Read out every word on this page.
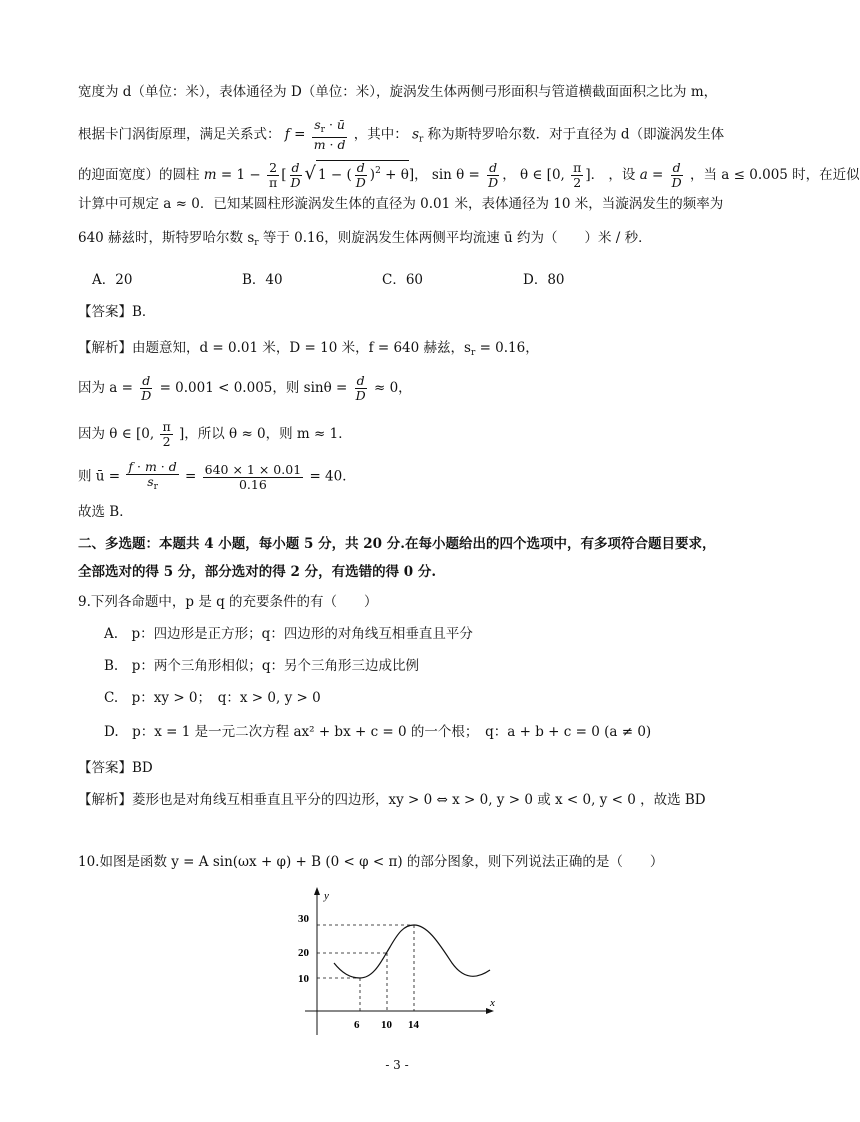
宽度为 d（单位：米），表体通径为 D（单位：米），旋涡发生体两侧弓形面积与管道横截面面积之比为 m，
根据卡门涡街原理，满足关系式： $f = \frac{s_r \cdot ū}{m \cdot d}$ ，其中： $s_r$ 称为斯特罗哈尔数．对于直径为 d（即漩涡发生体
的迎面宽度）的圆柱 $m = 1 - \frac{2}{\pi}$ [ $\frac{d}{D}$ √ 1 − ( $\frac{d}{D} )^2 + \theta$]， $\sin \theta = \frac{d}{D}$ ， θ ∈ [0, $\frac{\pi}{2}$ ]． ，设 $a = \frac{d}{D}$ ，当 a ≤ 0.005 时，在近似
计算中可规定 a ≈ 0．已知某圆柱形漩涡发生体的直径为 0.01 米，表体通径为 10 米，当漩涡发生的频率为
640 赫兹时，斯特罗哈尔数 $s_r$ 等于 0.16，则旋涡发生体两侧平均流速 ū 约为（　　）米 / 秒．
A．20	B．40	C．60	D．80
【答案】B．
【解析】由题意知，d = 0.01 米，D = 10 米，f = 640 赫兹，$s_r = 0.16$，
因为 $a = \frac{d}{D} = 0.001 < 0.005$，则 $\sin\theta = \frac{d}{D} \approx 0$，
因为 θ ∈ [0, $\frac{\pi}{2}$ ]，所以 θ ≈ 0，则 m ≈ 1．
则 ū = $\frac{f \cdot m \cdot d}{s_r} = \frac{640 \times 1 \times 0.01}{0.16} = 40$．
故选 B．
二、多选题：本题共 4 小题，每小题 5 分，共 20 分.在每小题给出的四个选项中，有多项符合题目要求，
全部选对的得 5 分，部分选对的得 2 分，有选错的得 0 分.
9.下列各命题中，p 是 q 的充要条件的有（　　）
A.　p：四边形是正方形；q：四边形的对角线互相垂直且平分
B.　p：两个三角形相似；q：另个三角形三边成比例
C.　p：xy > 0；　q：x > 0, y > 0
D.　p：x = 1 是一元二次方程 ax² + bx + c = 0 的一个根；　q：a + b + c = 0 (a ≠ 0)
【答案】BD
【解析】菱形也是对角线互相垂直且平分的四边形，xy > 0 ⇔ x > 0, y > 0 或 x < 0, y < 0 ，故选 BD
10.如图是函数 y = A sin(ωx + φ) + B (0 < φ < π) 的部分图象，则下列说法正确的是（　　）
y
x
30
20
10
6 10 14
- 3 -
